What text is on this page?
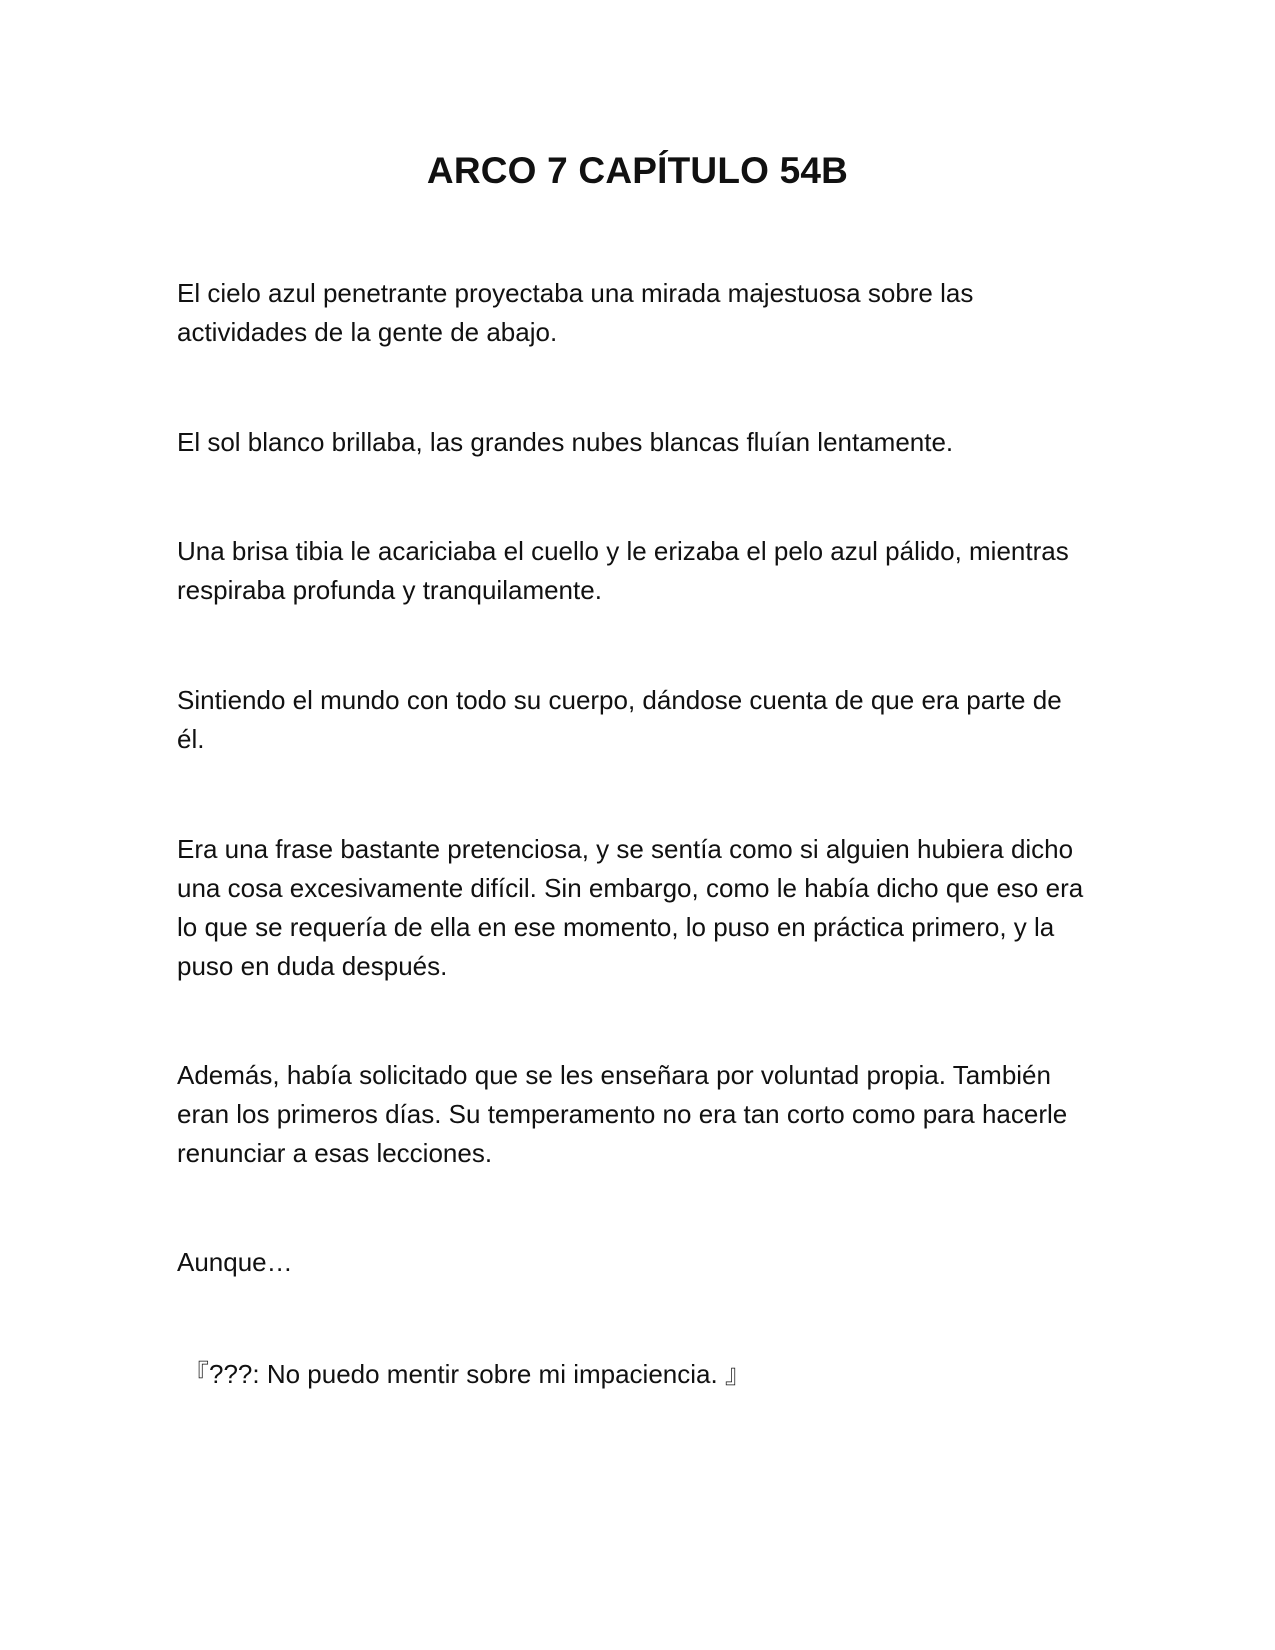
ARCO 7 CAPÍTULO 54B

El cielo azul penetrante proyectaba una mirada majestuosa sobre las
actividades de la gente de abajo.

El sol blanco brillaba, las grandes nubes blancas fluían lentamente.

Una brisa tibia le acariciaba el cuello y le erizaba el pelo azul pálido, mientras
respiraba profunda y tranquilamente.

Sintiendo el mundo con todo su cuerpo, dándose cuenta de que era parte de
él.

Era una frase bastante pretenciosa, y se sentía como si alguien hubiera dicho
una cosa excesivamente difícil. Sin embargo, como le había dicho que eso era
lo que se requería de ella en ese momento, lo puso en práctica primero, y la
puso en duda después.

Además, había solicitado que se les enseñara por voluntad propia. También
eran los primeros días. Su temperamento no era tan corto como para hacerle
renunciar a esas lecciones.

Aunque…

『???: No puedo mentir sobre mi impaciencia. 』
